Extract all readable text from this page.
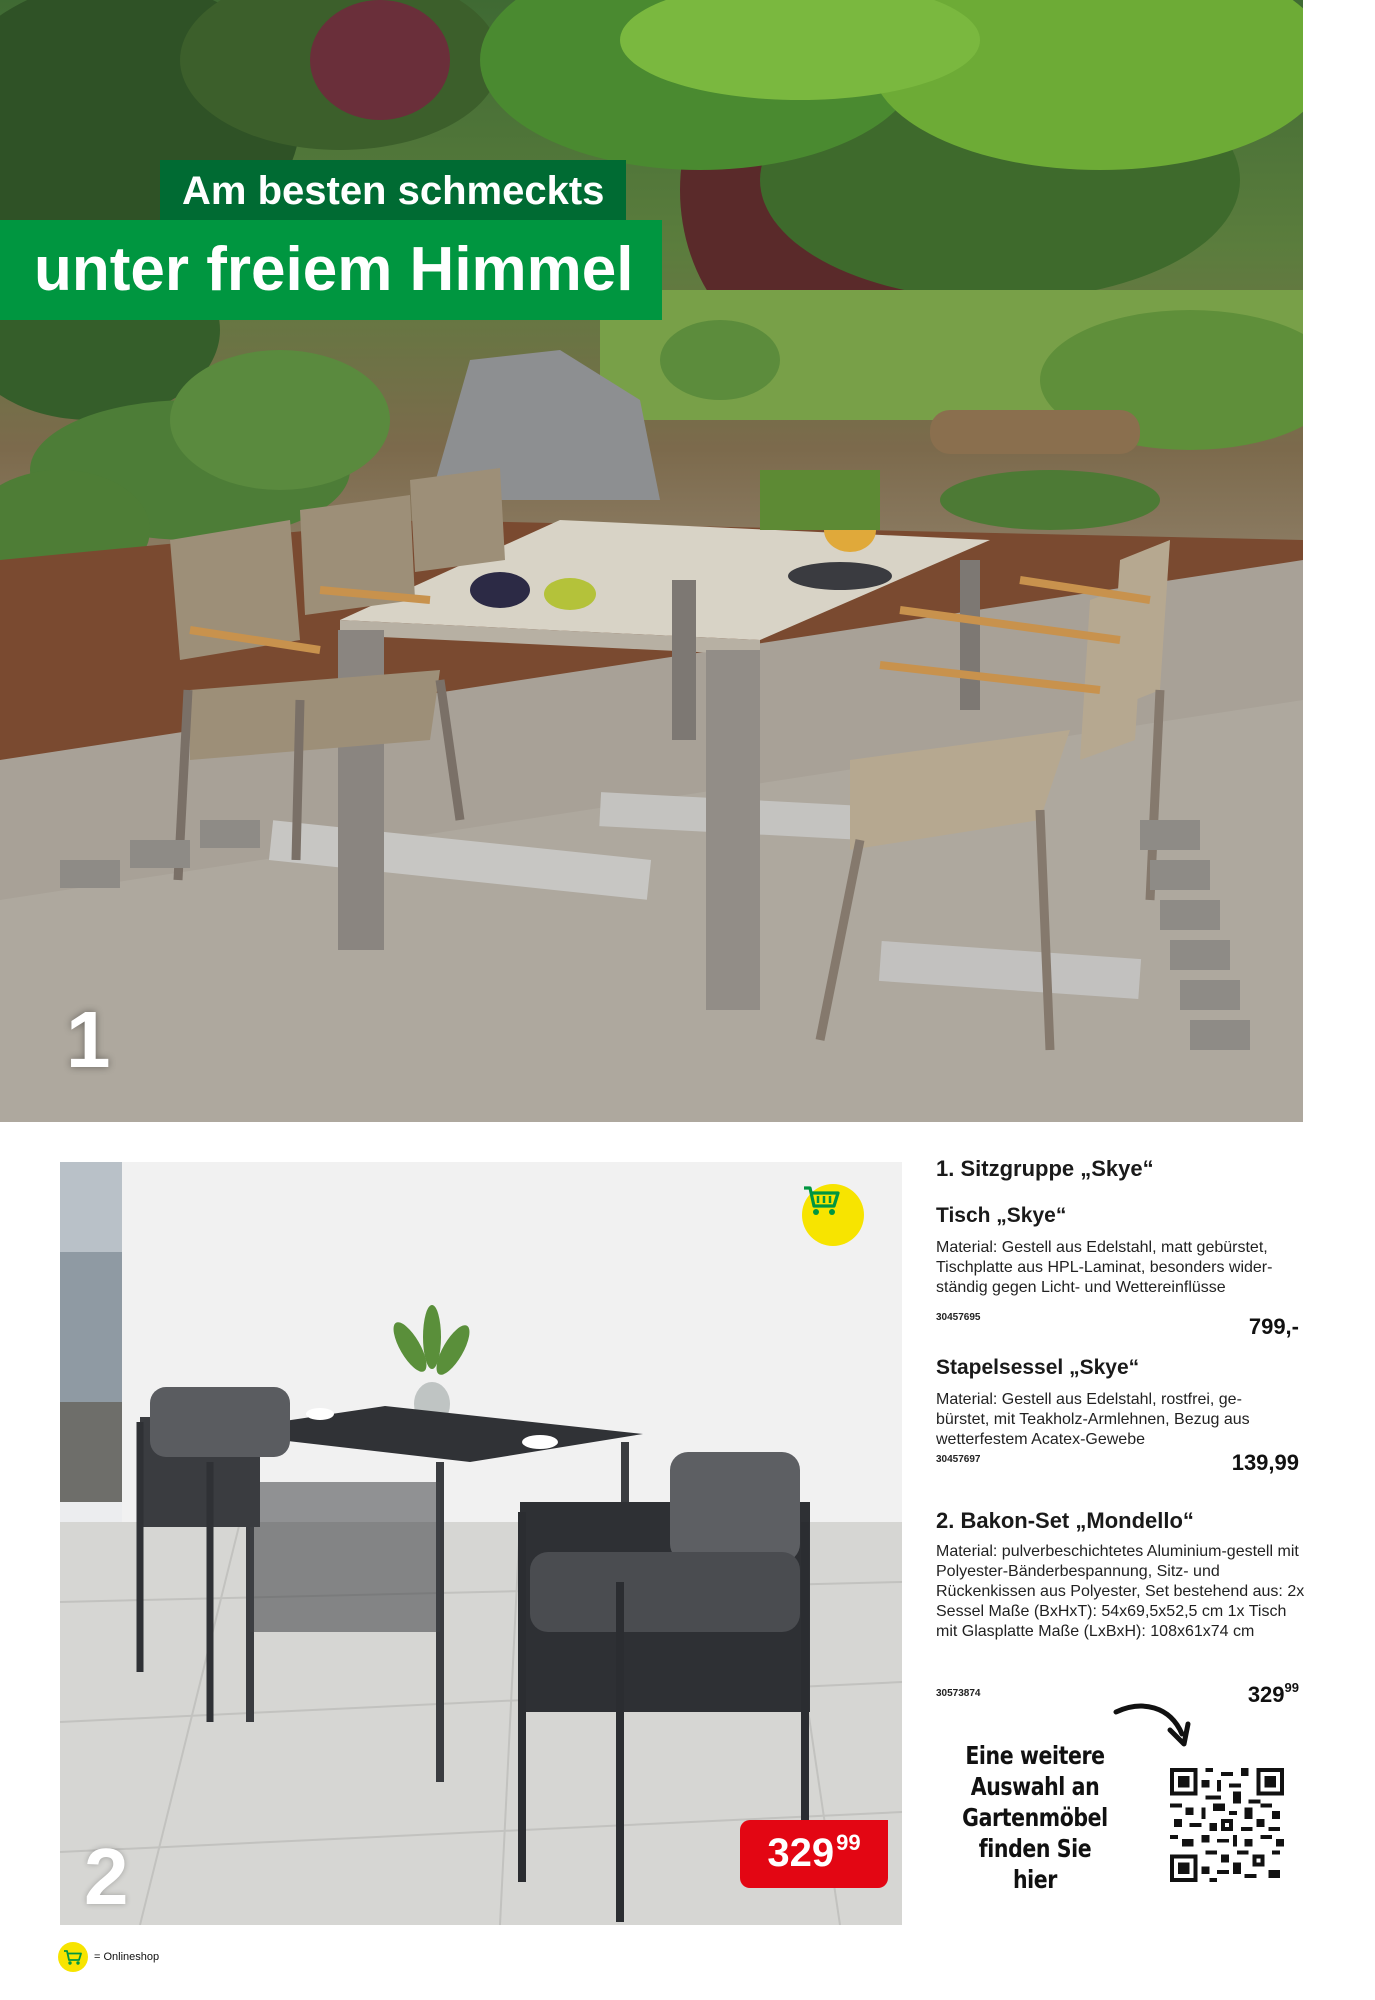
Am besten schmeckts
unter freiem Himmel
1
2	329 99
1. Sitzgruppe „Skye“
Tisch „Skye“
Material: Gestell aus Edelstahl, matt gebürstet, Tischplatte aus HPL-Laminat, besonders wider-ständig gegen Licht- und Wettereinflüsse
30457695	799,-
Stapelsessel „Skye“
Material: Gestell aus Edelstahl, rostfrei, ge-bürstet, mit Teakholz-Armlehnen, Bezug aus wetterfestem Acatex-Gewebe
30457697	139,99
2. Bakon-Set „Mondello“
Material: pulverbeschichtetes Aluminium-gestell mit Polyester-Bänderbespannung, Sitz- und Rückenkissen aus Polyester, Set bestehend aus: 2x Sessel Maße (BxHxT): 54x69,5x52,5 cm 1x Tisch mit Glasplatte Maße (LxBxH): 108x61x74 cm
30573874	$329^{99}$
Eine weitere
Auswahl an
Gartenmöbel
finden Sie
hier
= Onlineshop
